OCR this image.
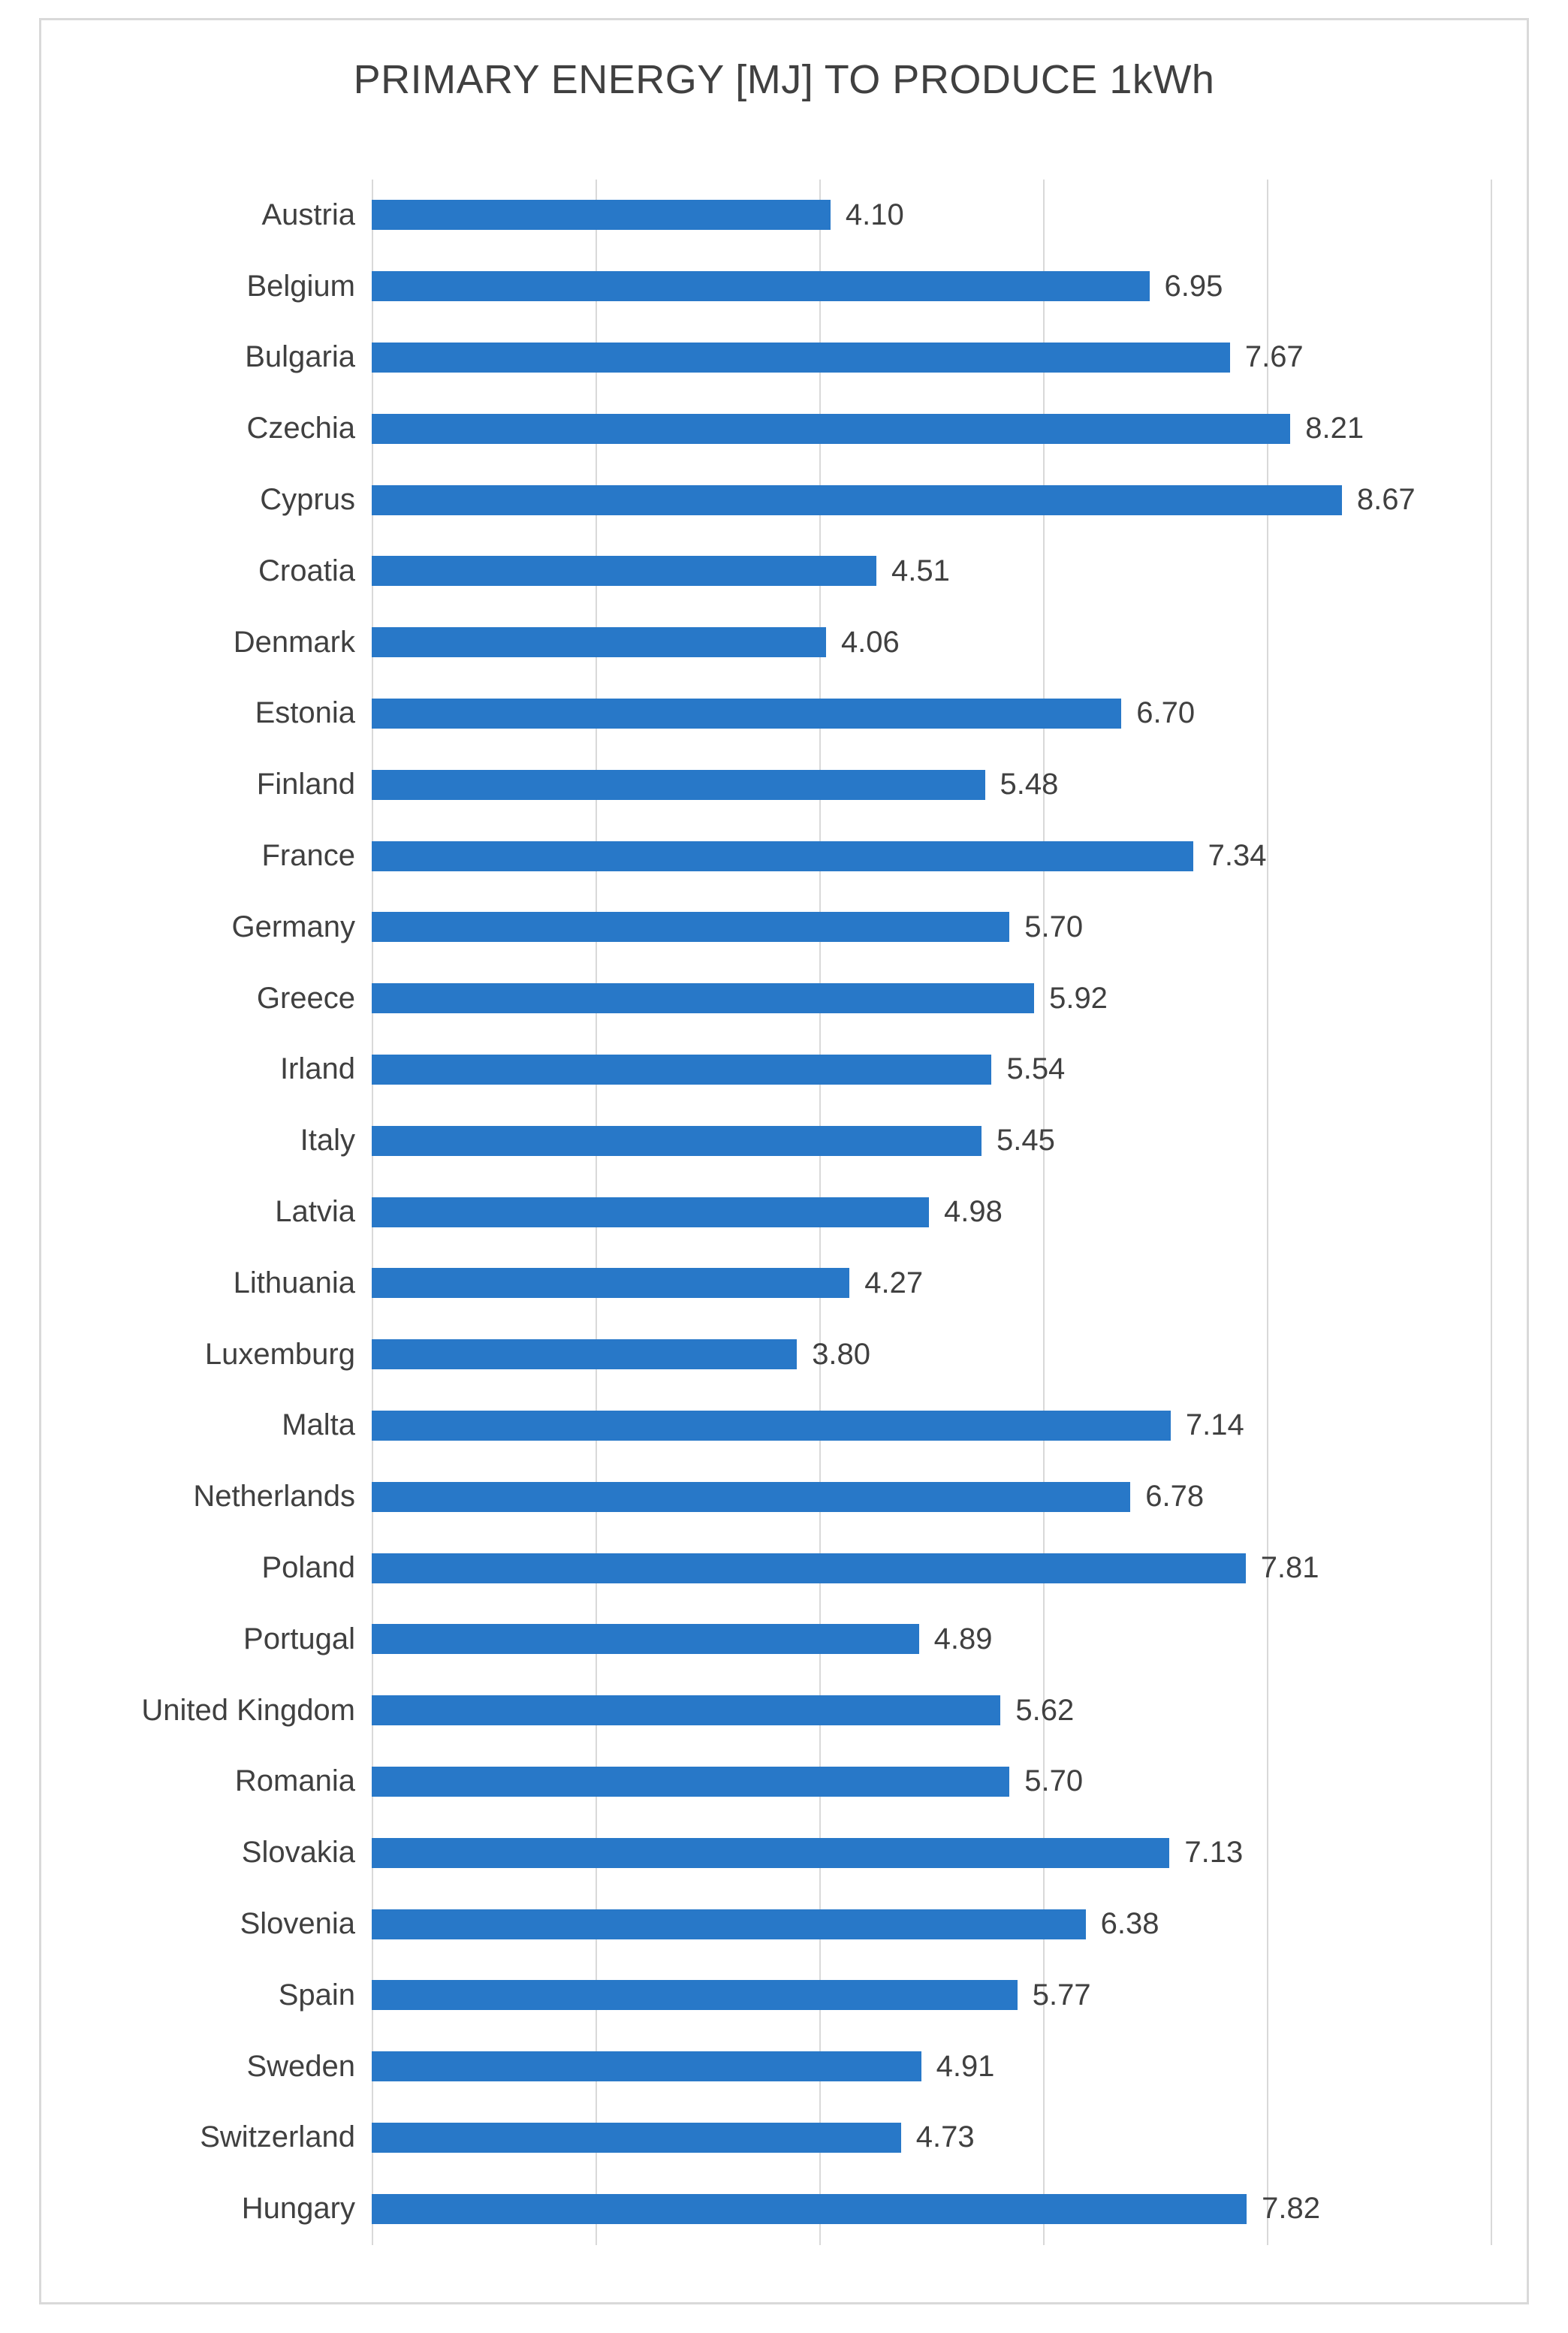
PRIMARY ENERGY [MJ] TO PRODUCE 1kWh
Austria	4.10
Belgium	6.95
Bulgaria	7.67
Czechia	8.21
Cyprus	8.67
Croatia	4.51
Denmark	4.06
Estonia	6.70
Finland	5.48
France	7.34
Germany	5.70
Greece	5.92
Irland	5.54
Italy	5.45
Latvia	4.98
Lithuania	4.27
Luxemburg	3.80
Malta	7.14
Netherlands	6.78
Poland	7.81
Portugal	4.89
United Kingdom	5.62
Romania	5.70
Slovakia	7.13
Slovenia	6.38
Spain	5.77
Sweden	4.91
Switzerland	4.73
Hungary	7.82
